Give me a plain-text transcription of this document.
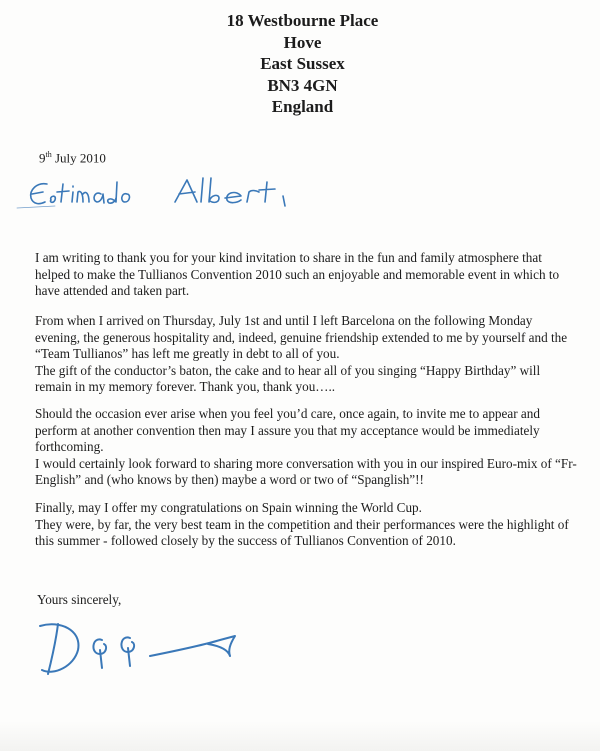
18 Westbourne Place
Hove
East Sussex
BN3 4GN
England
9th July 2010

I am writing to thank you for your kind invitation to share in the fun and family atmosphere that helped to make the Tullianos Convention 2010 such an enjoyable and memorable event in which to have attended and taken part.

From when I arrived on Thursday, July 1st and until I left Barcelona on the following Monday evening, the generous hospitality and, indeed, genuine friendship extended to me by yourself and the “Team Tullianos” has left me greatly in debt to all of you.

The gift of the conductor’s baton, the cake and to hear all of you singing “Happy Birthday” will remain in my memory forever. Thank you, thank you…..

Should the occasion ever arise when you feel you’d care, once again, to invite me to appear and perform at another convention then may I assure you that my acceptance would be immediately forthcoming.

I would certainly look forward to sharing more conversation with you in our inspired Euro-mix of “Fr-English” and (who knows by then) maybe a word or two of “Spanglish”!!

Finally, may I offer my congratulations on Spain winning the World Cup.

They were, by far, the very best team in the competition and their performances were the highlight of this summer - followed closely by the success of Tullianos Convention of 2010.

Yours sincerely,
